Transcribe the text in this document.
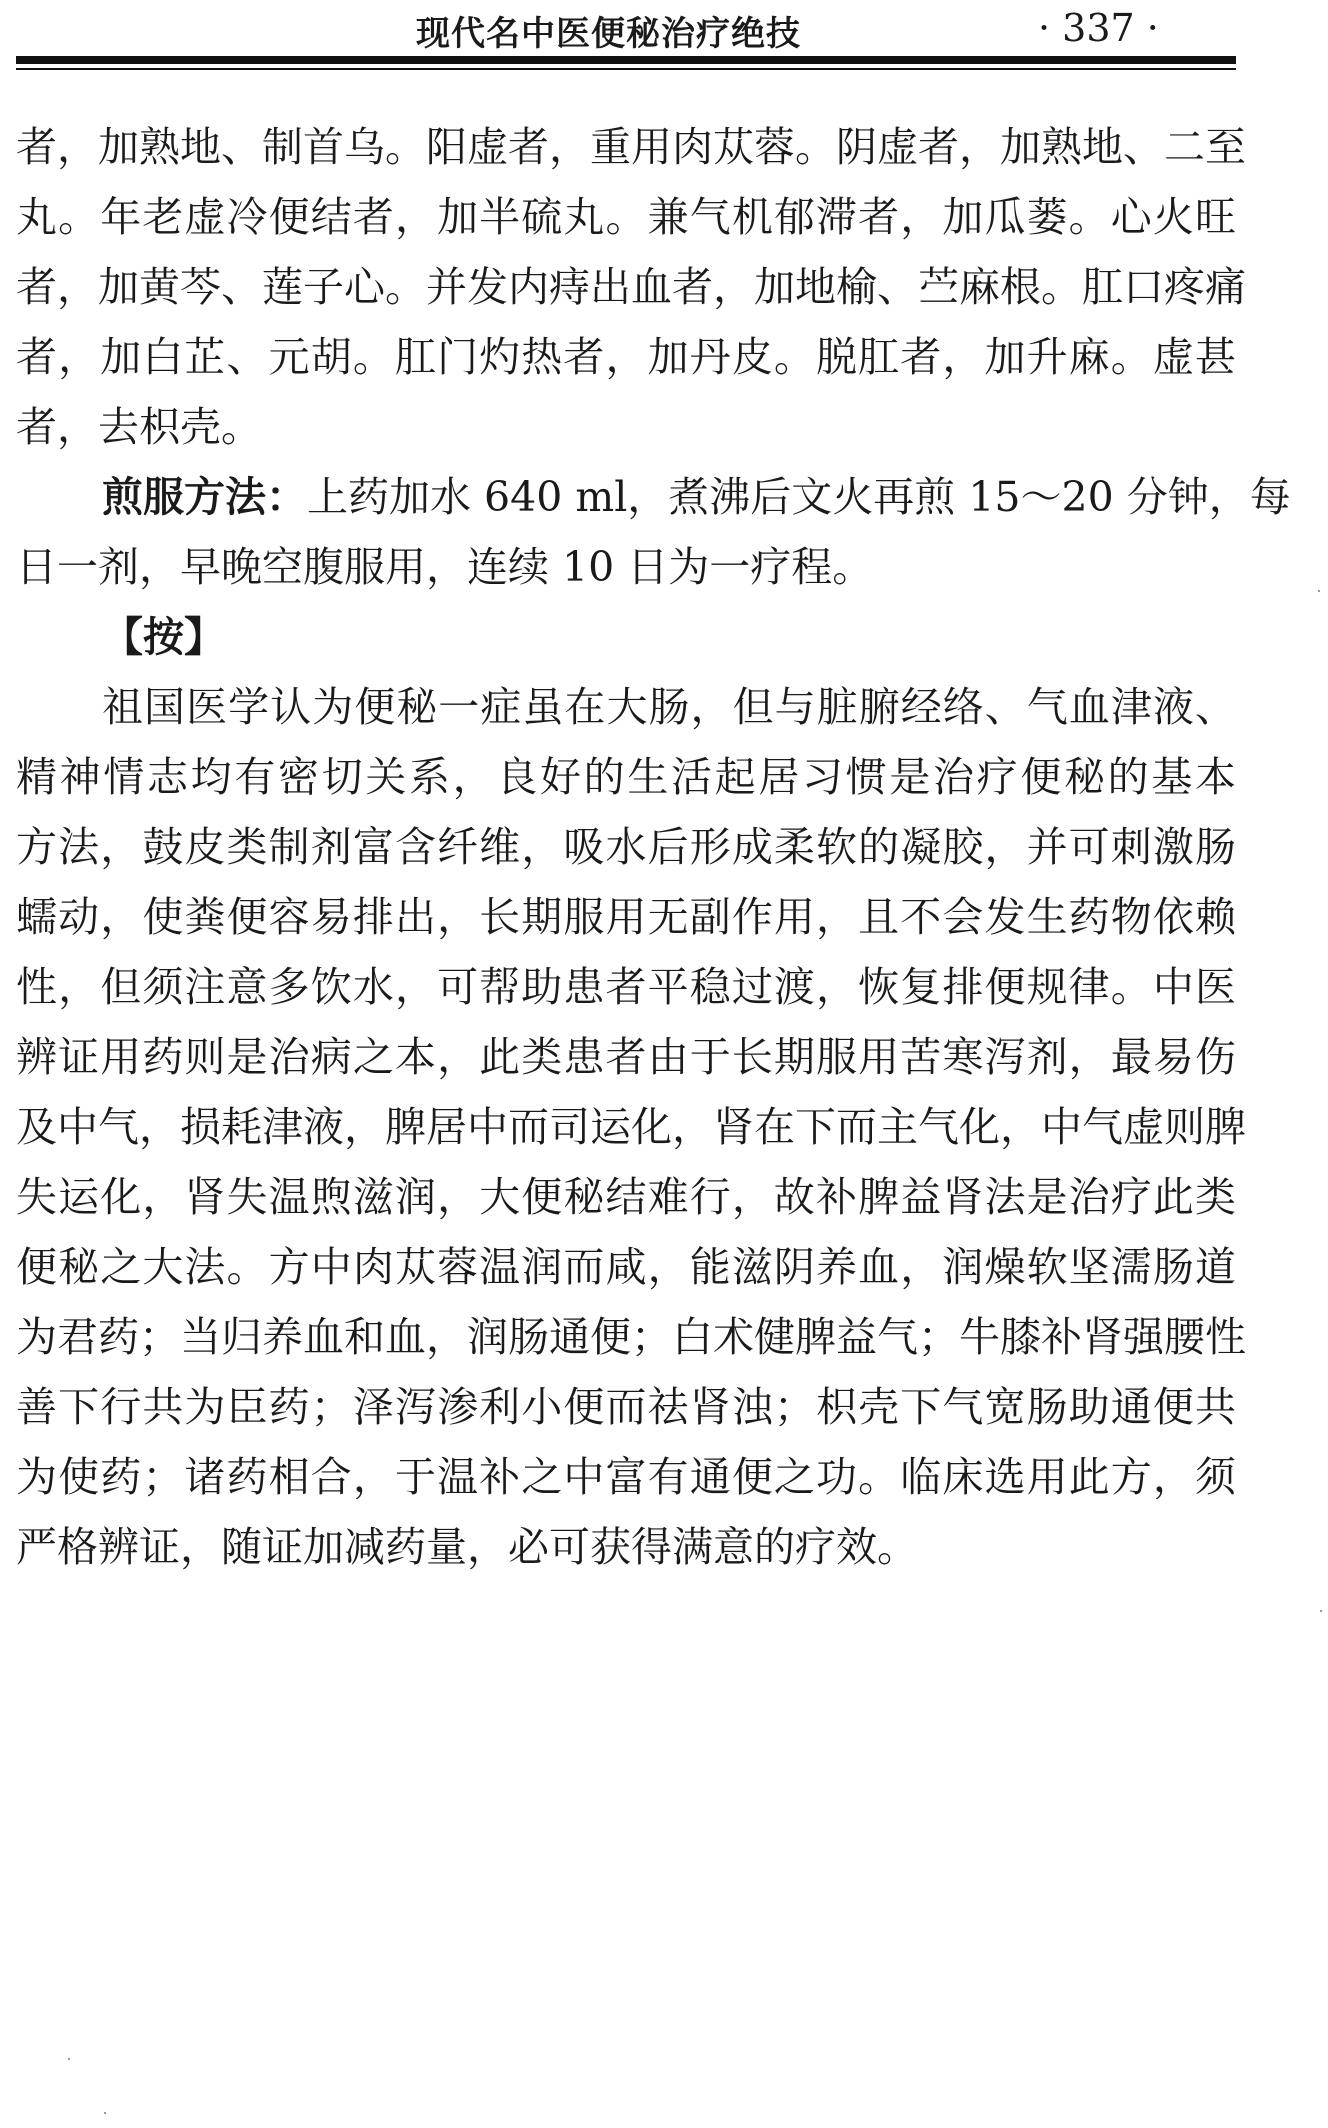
现代名中医便秘治疗绝技	· 337 ·
者，加熟地、制首乌。阳虚者，重用肉苁蓉。阴虚者，加熟地、二至
丸。年老虚冷便结者，加半硫丸。兼气机郁滞者，加瓜蒌。心火旺
者，加黄芩、莲子心。并发内痔出血者，加地榆、苎麻根。肛口疼痛
者，加白芷、元胡。肛门灼热者，加丹皮。脱肛者，加升麻。虚甚
者，去枳壳。
煎服方法：上药加水 640 ml，煮沸后文火再煎 15～20 分钟，每
日一剂，早晚空腹服用，连续 10 日为一疗程。
【按】
祖国医学认为便秘一症虽在大肠，但与脏腑经络、气血津液、
精神情志均有密切关系，良好的生活起居习惯是治疗便秘的基本
方法，鼓皮类制剂富含纤维，吸水后形成柔软的凝胶，并可刺激肠
蠕动，使粪便容易排出，长期服用无副作用，且不会发生药物依赖
性，但须注意多饮水，可帮助患者平稳过渡，恢复排便规律。中医
辨证用药则是治病之本，此类患者由于长期服用苦寒泻剂，最易伤
及中气，损耗津液，脾居中而司运化，肾在下而主气化，中气虚则脾
失运化，肾失温煦滋润，大便秘结难行，故补脾益肾法是治疗此类
便秘之大法。方中肉苁蓉温润而咸，能滋阴养血，润燥软坚濡肠道
为君药；当归养血和血，润肠通便；白术健脾益气；牛膝补肾强腰性
善下行共为臣药；泽泻渗利小便而祛肾浊；枳壳下气宽肠助通便共
为使药；诸药相合，于温补之中富有通便之功。临床选用此方，须
严格辨证，随证加减药量，必可获得满意的疗效。
